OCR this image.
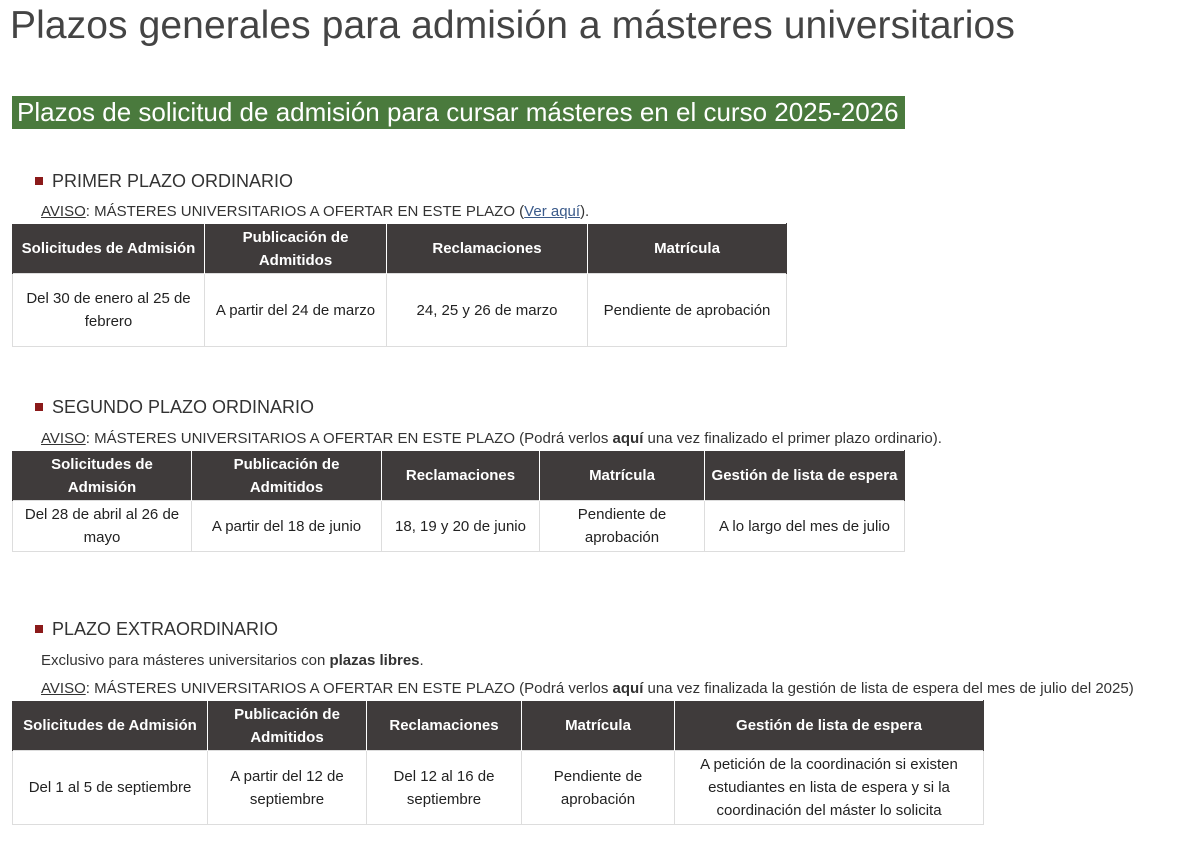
Plazos generales para admisión a másteres universitarios
Plazos de solicitud de admisión para cursar másteres en el curso 2025-2026
PRIMER PLAZO ORDINARIO
AVISO: MÁSTERES UNIVERSITARIOS A OFERTAR EN ESTE PLAZO (Ver aquí).
Solicitudes de Admisión	Publicación de Admitidos	Reclamaciones	Matrícula
Del 30 de enero al 25 de febrero	A partir del 24 de marzo	24, 25 y 26 de marzo	Pendiente de aprobación
SEGUNDO PLAZO ORDINARIO
AVISO: MÁSTERES UNIVERSITARIOS A OFERTAR EN ESTE PLAZO (Podrá verlos aquí una vez finalizado el primer plazo ordinario).
Solicitudes de Admisión	Publicación de Admitidos	Reclamaciones	Matrícula	Gestión de lista de espera
Del 28 de abril al 26 de mayo	A partir del 18 de junio	18, 19 y 20 de junio	Pendiente de aprobación	A lo largo del mes de julio
PLAZO EXTRAORDINARIO
Exclusivo para másteres universitarios con plazas libres.
AVISO: MÁSTERES UNIVERSITARIOS A OFERTAR EN ESTE PLAZO (Podrá verlos aquí una vez finalizada la gestión de lista de espera del mes de julio del 2025)
Solicitudes de Admisión	Publicación de Admitidos	Reclamaciones	Matrícula	Gestión de lista de espera
Del 1 al 5 de septiembre	A partir del 12 de septiembre	Del 12 al 16 de septiembre	Pendiente de aprobación	A petición de la coordinación si existen estudiantes en lista de espera y si la coordinación del máster lo solicita
